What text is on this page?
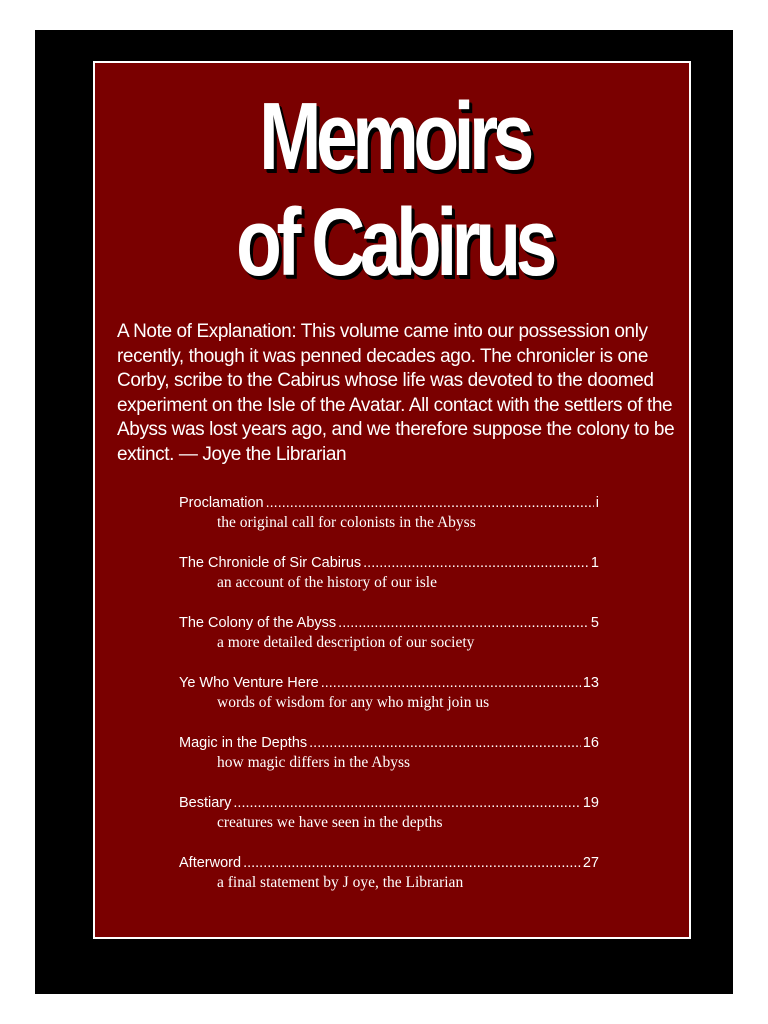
Memoirs
of Cabirus

A Note of Explanation: This volume came into our possession only recently, though it was penned decades ago. The chronicler is one Corby, scribe to the Cabirus whose life was devoted to the doomed experiment on the Isle of the Avatar. All contact with the settlers of the Abyss was lost years ago, and we therefore suppose the colony to be extinct. — Joye the Librarian

Proclamation .....	i
the original call for colonists in the Abyss
The Chronicle of Sir Cabirus .....	1
an account of the history of our isle
The Colony of the Abyss .....	5
a more detailed description of our society
Ye Who Venture Here .....	13
words of wisdom for any who might join us
Magic in the Depths .....	16
how magic differs in the Abyss
Bestiary .....	19
creatures we have seen in the depths
Afterword .....	27
a final statement by J oye, the Librarian
